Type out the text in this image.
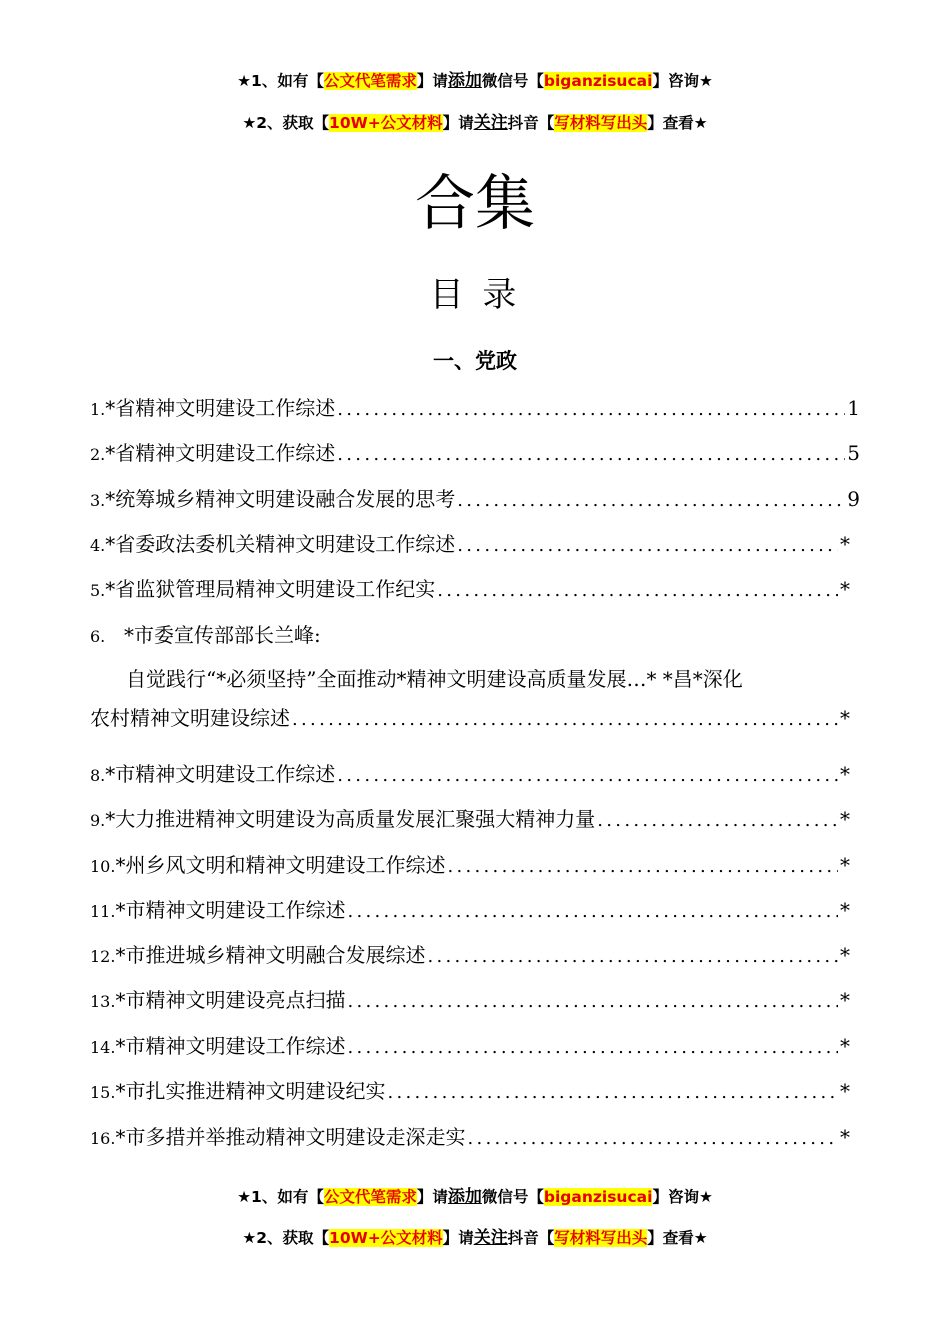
★1、如有【公文代笔需求】请添加微信号【biganzisucai】咨询★
★2、获取【10W+公文材料】请关注抖音【写材料写出头】查看★
合集
目 录
一、党政
1. *省精神文明建设工作综述 .....	1
2. *省精神文明建设工作综述 .....	5
3. *统筹城乡精神文明建设融合发展的思考 .....	9
4. *省委政法委机关精神文明建设工作综述 .....	*
5. *省监狱管理局精神文明建设工作纪实 .....	*
6. *市委宣传部部长兰峰:
自觉践行“*必须坚持”全面推动*精神文明建设高质量发展…* *昌*深化
农村精神文明建设综述 .....	*
8. *市精神文明建设工作综述 .....	*
9. *大力推进精神文明建设为高质量发展汇聚强大精神力量 .....	*
10. *州乡风文明和精神文明建设工作综述 .....	*
11. *市精神文明建设工作综述 .....	*
12. *市推进城乡精神文明融合发展综述 .....	*
13. *市精神文明建设亮点扫描 .....	*
14. *市精神文明建设工作综述 .....	*
15. *市扎实推进精神文明建设纪实 .....	*
16. *市多措并举推动精神文明建设走深走实 .....	*
★1、如有【公文代笔需求】请添加微信号【biganzisucai】咨询★
★2、获取【10W+公文材料】请关注抖音【写材料写出头】查看★
